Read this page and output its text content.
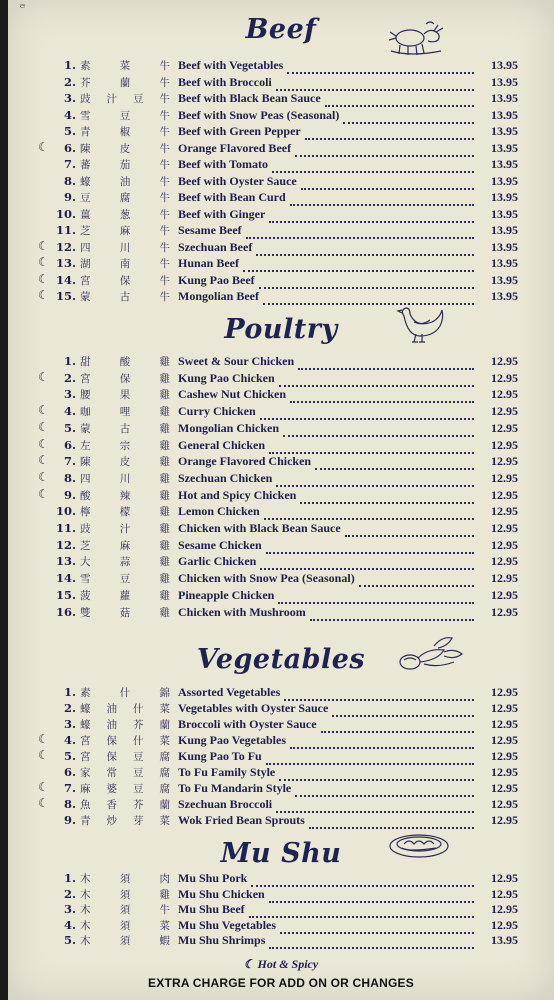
ᄅ
Beef
Poultry
Vegetables
Mu Shu
1. 素	菜	牛 Beef with Vegetables	13.95
2. 芥	蘭	牛 Beef with Broccoli	13.95
3. 豉 汁 豆 牛 Beef with Black Bean Sauce	13.95
4. 雪	豆	牛 Beef with Snow Peas (Seasonal)	13.95
5. 青	椒	牛 Beef with Green Pepper	13.95
☾	6. 陳	皮	牛 Orange Flavored Beef	13.95
7. 蕃	茄	牛 Beef with Tomato	13.95
8. 蠔	油	牛 Beef with Oyster Sauce	13.95
9. 豆	腐	牛 Beef with Bean Curd	13.95
10. 薑	葱	牛 Beef with Ginger	13.95
11. 芝	麻	牛 Sesame Beef	13.95
☾ 12. 四	川	牛 Szechuan Beef	13.95
☾ 13. 湖	南	牛 Hunan Beef	13.95
☾ 14. 宮	保	牛 Kung Pao Beef	13.95
☾ 15. 蒙	古	牛 Mongolian Beef	13.95
1. 甜	酸	雞 Sweet & Sour Chicken	12.95
☾	2. 宮	保	雞 Kung Pao Chicken	12.95
3. 腰	果	雞 Cashew Nut Chicken	12.95
☾	4. 咖	哩	雞 Curry Chicken	12.95
☾	5. 蒙	古	雞 Mongolian Chicken	12.95
☾	6. 左	宗	雞 General Chicken	12.95
☾	7. 陳	皮	雞 Orange Flavored Chicken	12.95
☾	8. 四	川	雞 Szechuan Chicken	12.95
☾	9. 酸	辣	雞 Hot and Spicy Chicken	12.95
10. 檸	檬	雞 Lemon Chicken	12.95
11. 豉	汁	雞 Chicken with Black Bean Sauce	12.95
12. 芝	麻	雞 Sesame Chicken	12.95
13. 大	蒜	雞 Garlic Chicken	12.95
14. 雪	豆	雞 Chicken with Snow Pea (Seasonal)	12.95
15. 菠	蘿	雞 Pineapple Chicken	12.95
16. 雙	菇	雞 Chicken with Mushroom	12.95
1. 素	什	錦 Assorted Vegetables	12.95
2. 蠔 油 什 菜 Vegetables with Oyster Sauce	12.95
3. 蠔 油 芥 蘭 Broccoli with Oyster Sauce	12.95
☾	4. 宮 保 什 菜 Kung Pao Vegetables	12.95
☾	5. 宮 保 豆 腐 Kung Pao To Fu	12.95
6. 家 常 豆 腐 To Fu Family Style	12.95
☾	7. 麻 婆 豆 腐 To Fu Mandarin Style	12.95
☾	8. 魚 香 芥 蘭 Szechuan Broccoli	12.95
9. 青 炒 芽 菜 Wok Fried Bean Sprouts	12.95
1. 木	須	肉 Mu Shu Pork	12.95
2. 木	須	雞 Mu Shu Chicken	12.95
3. 木	須	牛 Mu Shu Beef	12.95
4. 木	須	菜 Mu Shu Vegetables	12.95
5. 木	須	蝦 Mu Shu Shrimps	13.95
☾ Hot & Spicy
EXTRA CHARGE FOR ADD ON OR CHANGES
